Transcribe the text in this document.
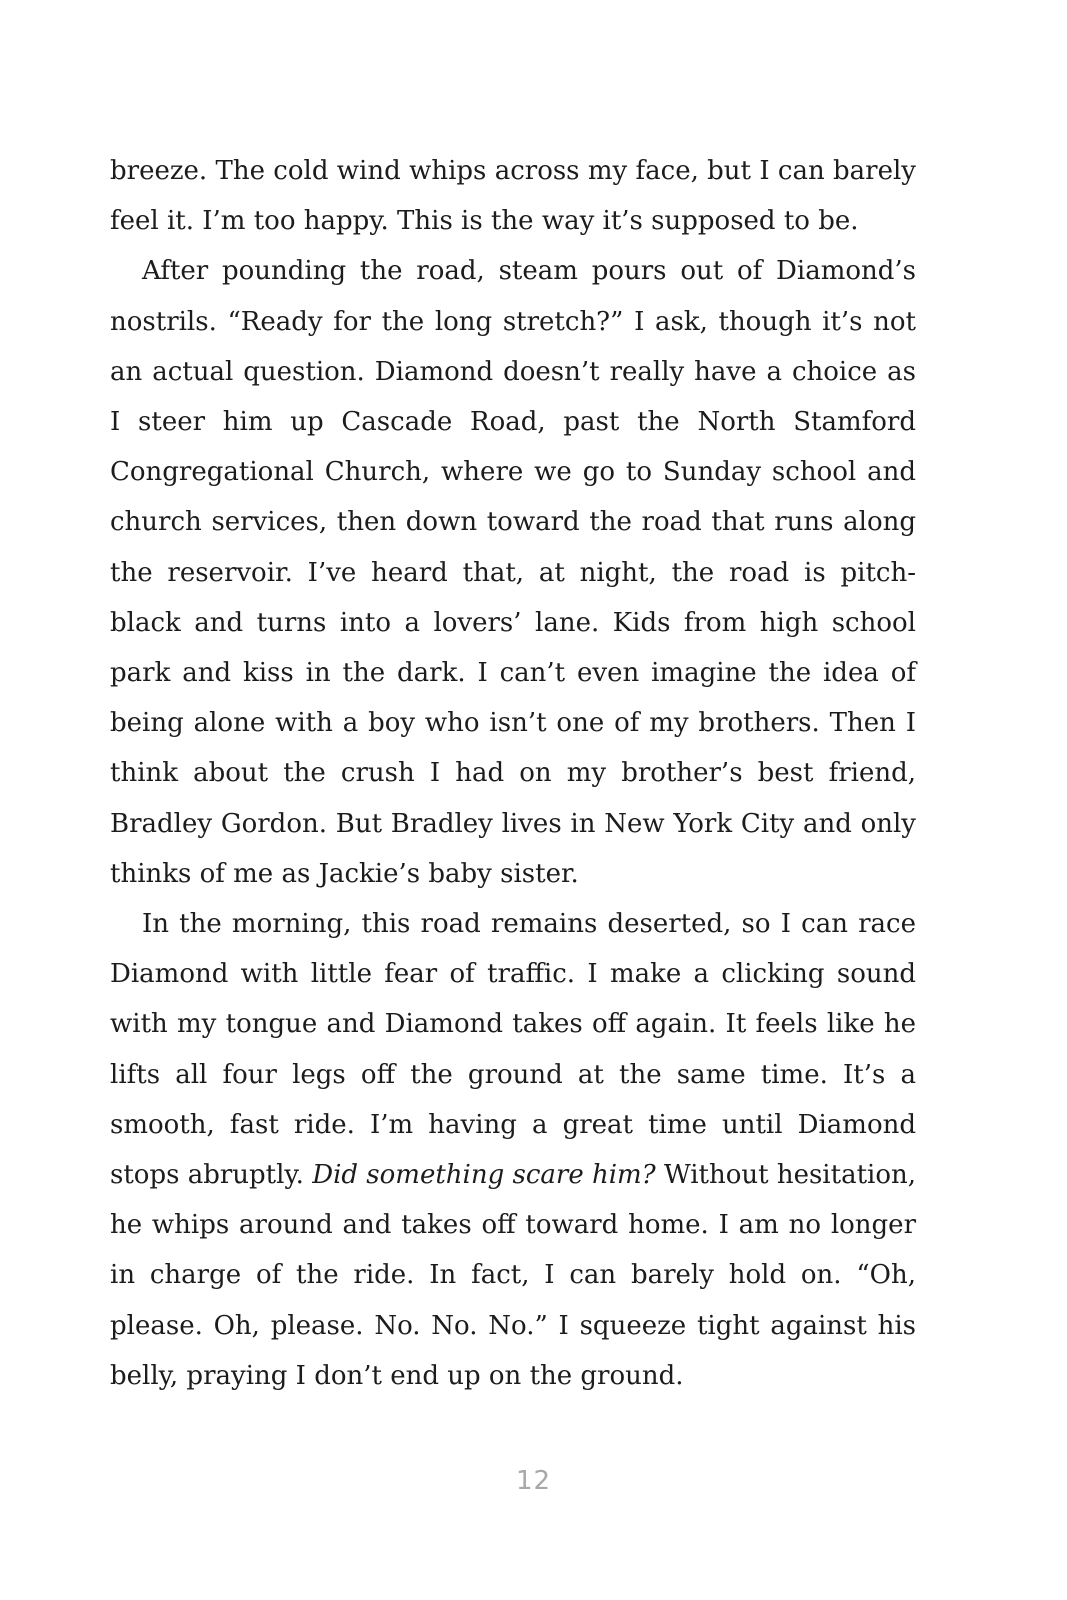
breeze. The cold wind whips across my face, but I can barely feel it. I’m too happy. This is the way it’s supposed to be.

After pounding the road, steam pours out of Diamond’s nostrils. “Ready for the long stretch?” I ask, though it’s not an actual question. Diamond doesn’t really have a choice as I steer him up Cascade Road, past the North Stamford Congregational Church, where we go to Sunday school and church services, then down toward the road that runs along the reservoir. I’ve heard that, at night, the road is pitch-black and turns into a lovers’ lane. Kids from high school park and kiss in the dark. I can’t even imagine the idea of being alone with a boy who isn’t one of my brothers. Then I think about the crush I had on my brother’s best friend, Bradley Gordon. But Bradley lives in New York City and only thinks of me as Jackie’s baby sister.

In the morning, this road remains deserted, so I can race Diamond with little fear of traffic. I make a clicking sound with my tongue and Diamond takes off again. It feels like he lifts all four legs off the ground at the same time. It’s a smooth, fast ride. I’m having a great time until Diamond stops abruptly. Did something scare him? Without hesitation, he whips around and takes off toward home. I am no longer in charge of the ride. In fact, I can barely hold on. “Oh, please. Oh, please. No. No. No.” I squeeze tight against his belly, praying I don’t end up on the ground.

12
